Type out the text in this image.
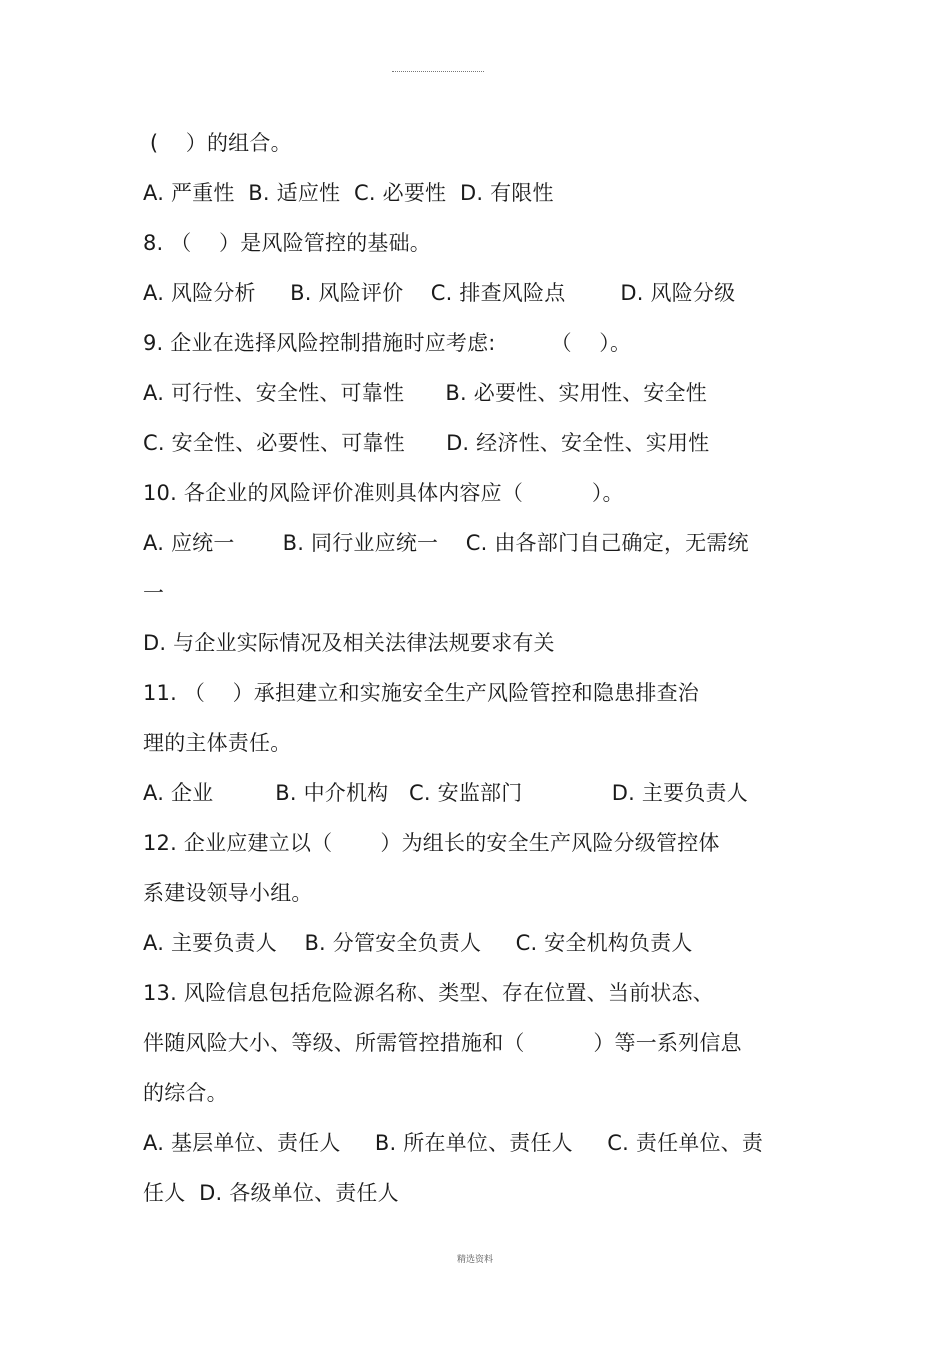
(    ）的组合。
A. 严重性  B. 适应性  C. 必要性  D. 有限性
8. （    ）是风险管控的基础。
A. 风险分析     B. 风险评价    C. 排查风险点        D. 风险分级
9. 企业在选择风险控制措施时应考虑:        （    ）。
A. 可行性、安全性、可靠性      B. 必要性、实用性、安全性
C. 安全性、必要性、可靠性      D. 经济性、安全性、实用性
10. 各企业的风险评价准则具体内容应（          ）。
A. 应统一       B. 同行业应统一    C. 由各部门自己确定，无需统
一
D. 与企业实际情况及相关法律法规要求有关
11. （    ）承担建立和实施安全生产风险管控和隐患排查治
理的主体责任。
A. 企业         B. 中介机构   C. 安监部门             D. 主要负责人
12. 企业应建立以（       ）为组长的安全生产风险分级管控体
系建设领导小组。
A. 主要负责人    B. 分管安全负责人     C. 安全机构负责人
13. 风险信息包括危险源名称、类型、存在位置、当前状态、
伴随风险大小、等级、所需管控措施和（          ）等一系列信息
的综合。
A. 基层单位、责任人     B. 所在单位、责任人     C. 责任单位、责
任人  D. 各级单位、责任人
精选资料
